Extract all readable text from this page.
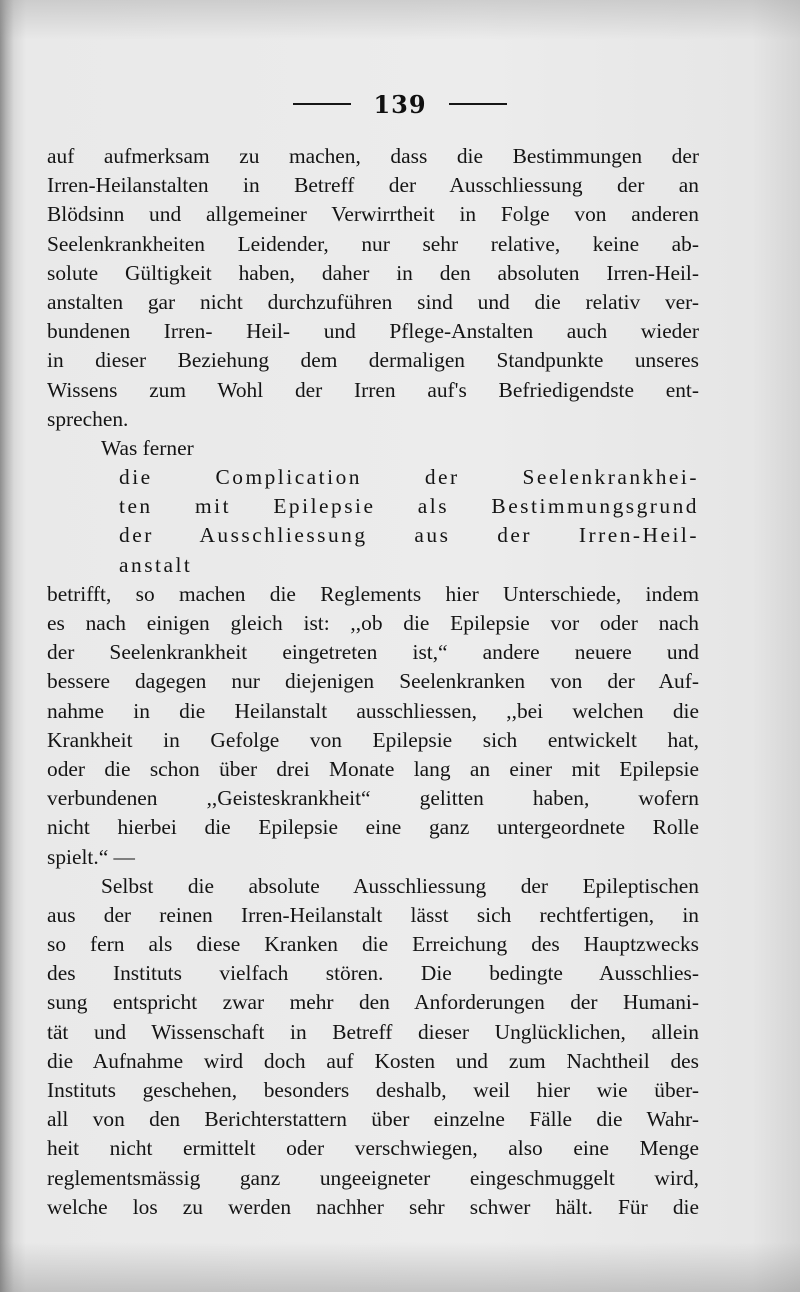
139
auf aufmerksam zu machen, dass die Bestimmungen der
Irren-Heilanstalten in Betreff der Ausschliessung der an
Blödsinn und allgemeiner Verwirrtheit in Folge von anderen
Seelenkrankheiten Leidender, nur sehr relative, keine ab-
solute Gültigkeit haben, daher in den absoluten Irren-Heil-
anstalten gar nicht durchzuführen sind und die relativ ver-
bundenen Irren- Heil- und Pflege-Anstalten auch wieder
in dieser Beziehung dem dermaligen Standpunkte unseres
Wissens zum Wohl der Irren auf's Befriedigendste ent-
sprechen.
Was ferner
die Complication der Seelenkrankhei-
ten mit Epilepsie als Bestimmungsgrund
der Ausschliessung aus der Irren-Heil-
anstalt
betrifft, so machen die Reglements hier Unterschiede, indem
es nach einigen gleich ist: ,,ob die Epilepsie vor oder nach
der Seelenkrankheit eingetreten ist,“ andere neuere und
bessere dagegen nur diejenigen Seelenkranken von der Auf-
nahme in die Heilanstalt ausschliessen, ,,bei welchen die
Krankheit in Gefolge von Epilepsie sich entwickelt hat,
oder die schon über drei Monate lang an einer mit Epilepsie
verbundenen ,,Geisteskrankheit“ gelitten haben, wofern
nicht hierbei die Epilepsie eine ganz untergeordnete Rolle
spielt.“ —
Selbst die absolute Ausschliessung der Epileptischen
aus der reinen Irren-Heilanstalt lässt sich rechtfertigen, in
so fern als diese Kranken die Erreichung des Hauptzwecks
des Instituts vielfach stören. Die bedingte Ausschlies-
sung entspricht zwar mehr den Anforderungen der Humani-
tät und Wissenschaft in Betreff dieser Unglücklichen, allein
die Aufnahme wird doch auf Kosten und zum Nachtheil des
Instituts geschehen, besonders deshalb, weil hier wie über-
all von den Berichterstattern über einzelne Fälle die Wahr-
heit nicht ermittelt oder verschwiegen, also eine Menge
reglementsmässig ganz ungeeigneter eingeschmuggelt wird,
welche los zu werden nachher sehr schwer hält. Für die
